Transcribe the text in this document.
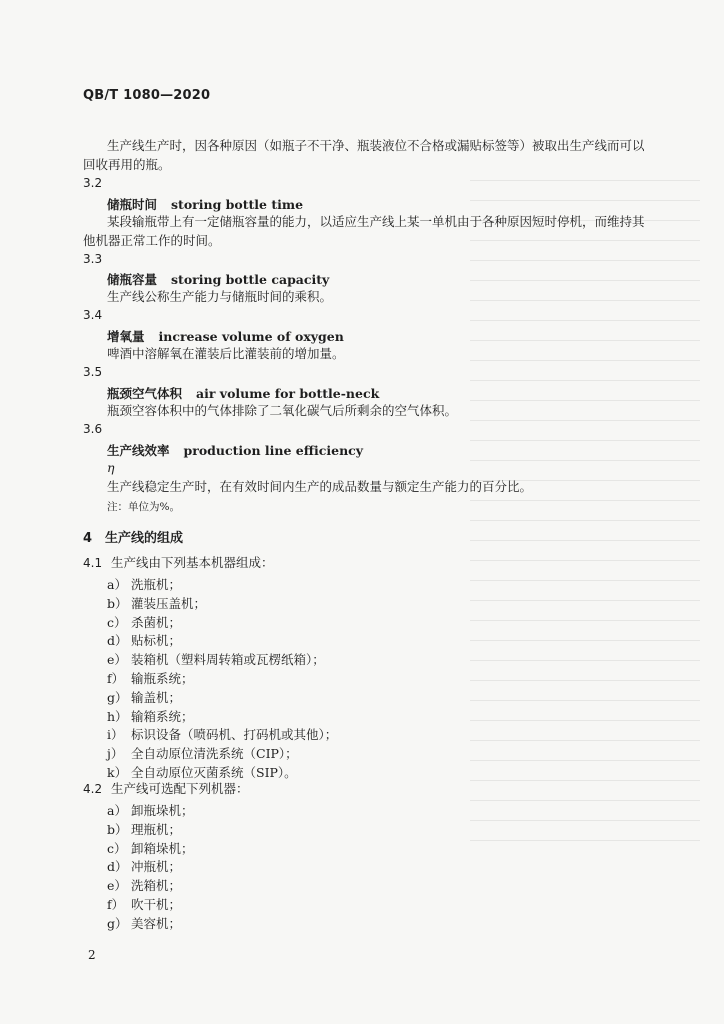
QB/T 1080—2020
生产线生产时，因各种原因（如瓶子不干净、瓶装液位不合格或漏贴标签等）被取出生产线而可以
回收再用的瓶。
3.2
储瓶时间 storing bottle time
某段输瓶带上有一定储瓶容量的能力，以适应生产线上某一单机由于各种原因短时停机，而维持其
他机器正常工作的时间。
3.3
储瓶容量 storing bottle capacity
生产线公称生产能力与储瓶时间的乘积。
3.4
增氧量 increase volume of oxygen
啤酒中溶解氧在灌装后比灌装前的增加量。
3.5
瓶颈空气体积 air volume for bottle-neck
瓶颈空容体积中的气体排除了二氧化碳气后所剩余的空气体积。
3.6
生产线效率 production line efficiency
η
生产线稳定生产时，在有效时间内生产的成品数量与额定生产能力的百分比。
注：单位为%。
4　生产线的组成
4.1 生产线由下列基本机器组成：
a） 洗瓶机；
b） 灌装压盖机；
c） 杀菌机；
d） 贴标机；
e） 装箱机（塑料周转箱或瓦楞纸箱）；
f） 输瓶系统；
g） 输盖机；
h） 输箱系统；
i） 标识设备（喷码机、打码机或其他）；
j） 全自动原位清洗系统（CIP）；
k） 全自动原位灭菌系统（SIP）。
4.2 生产线可选配下列机器：
a） 卸瓶垛机；
b） 理瓶机；
c） 卸箱垛机；
d） 冲瓶机；
e） 洗箱机；
f） 吹干机；
g） 美容机；
2
